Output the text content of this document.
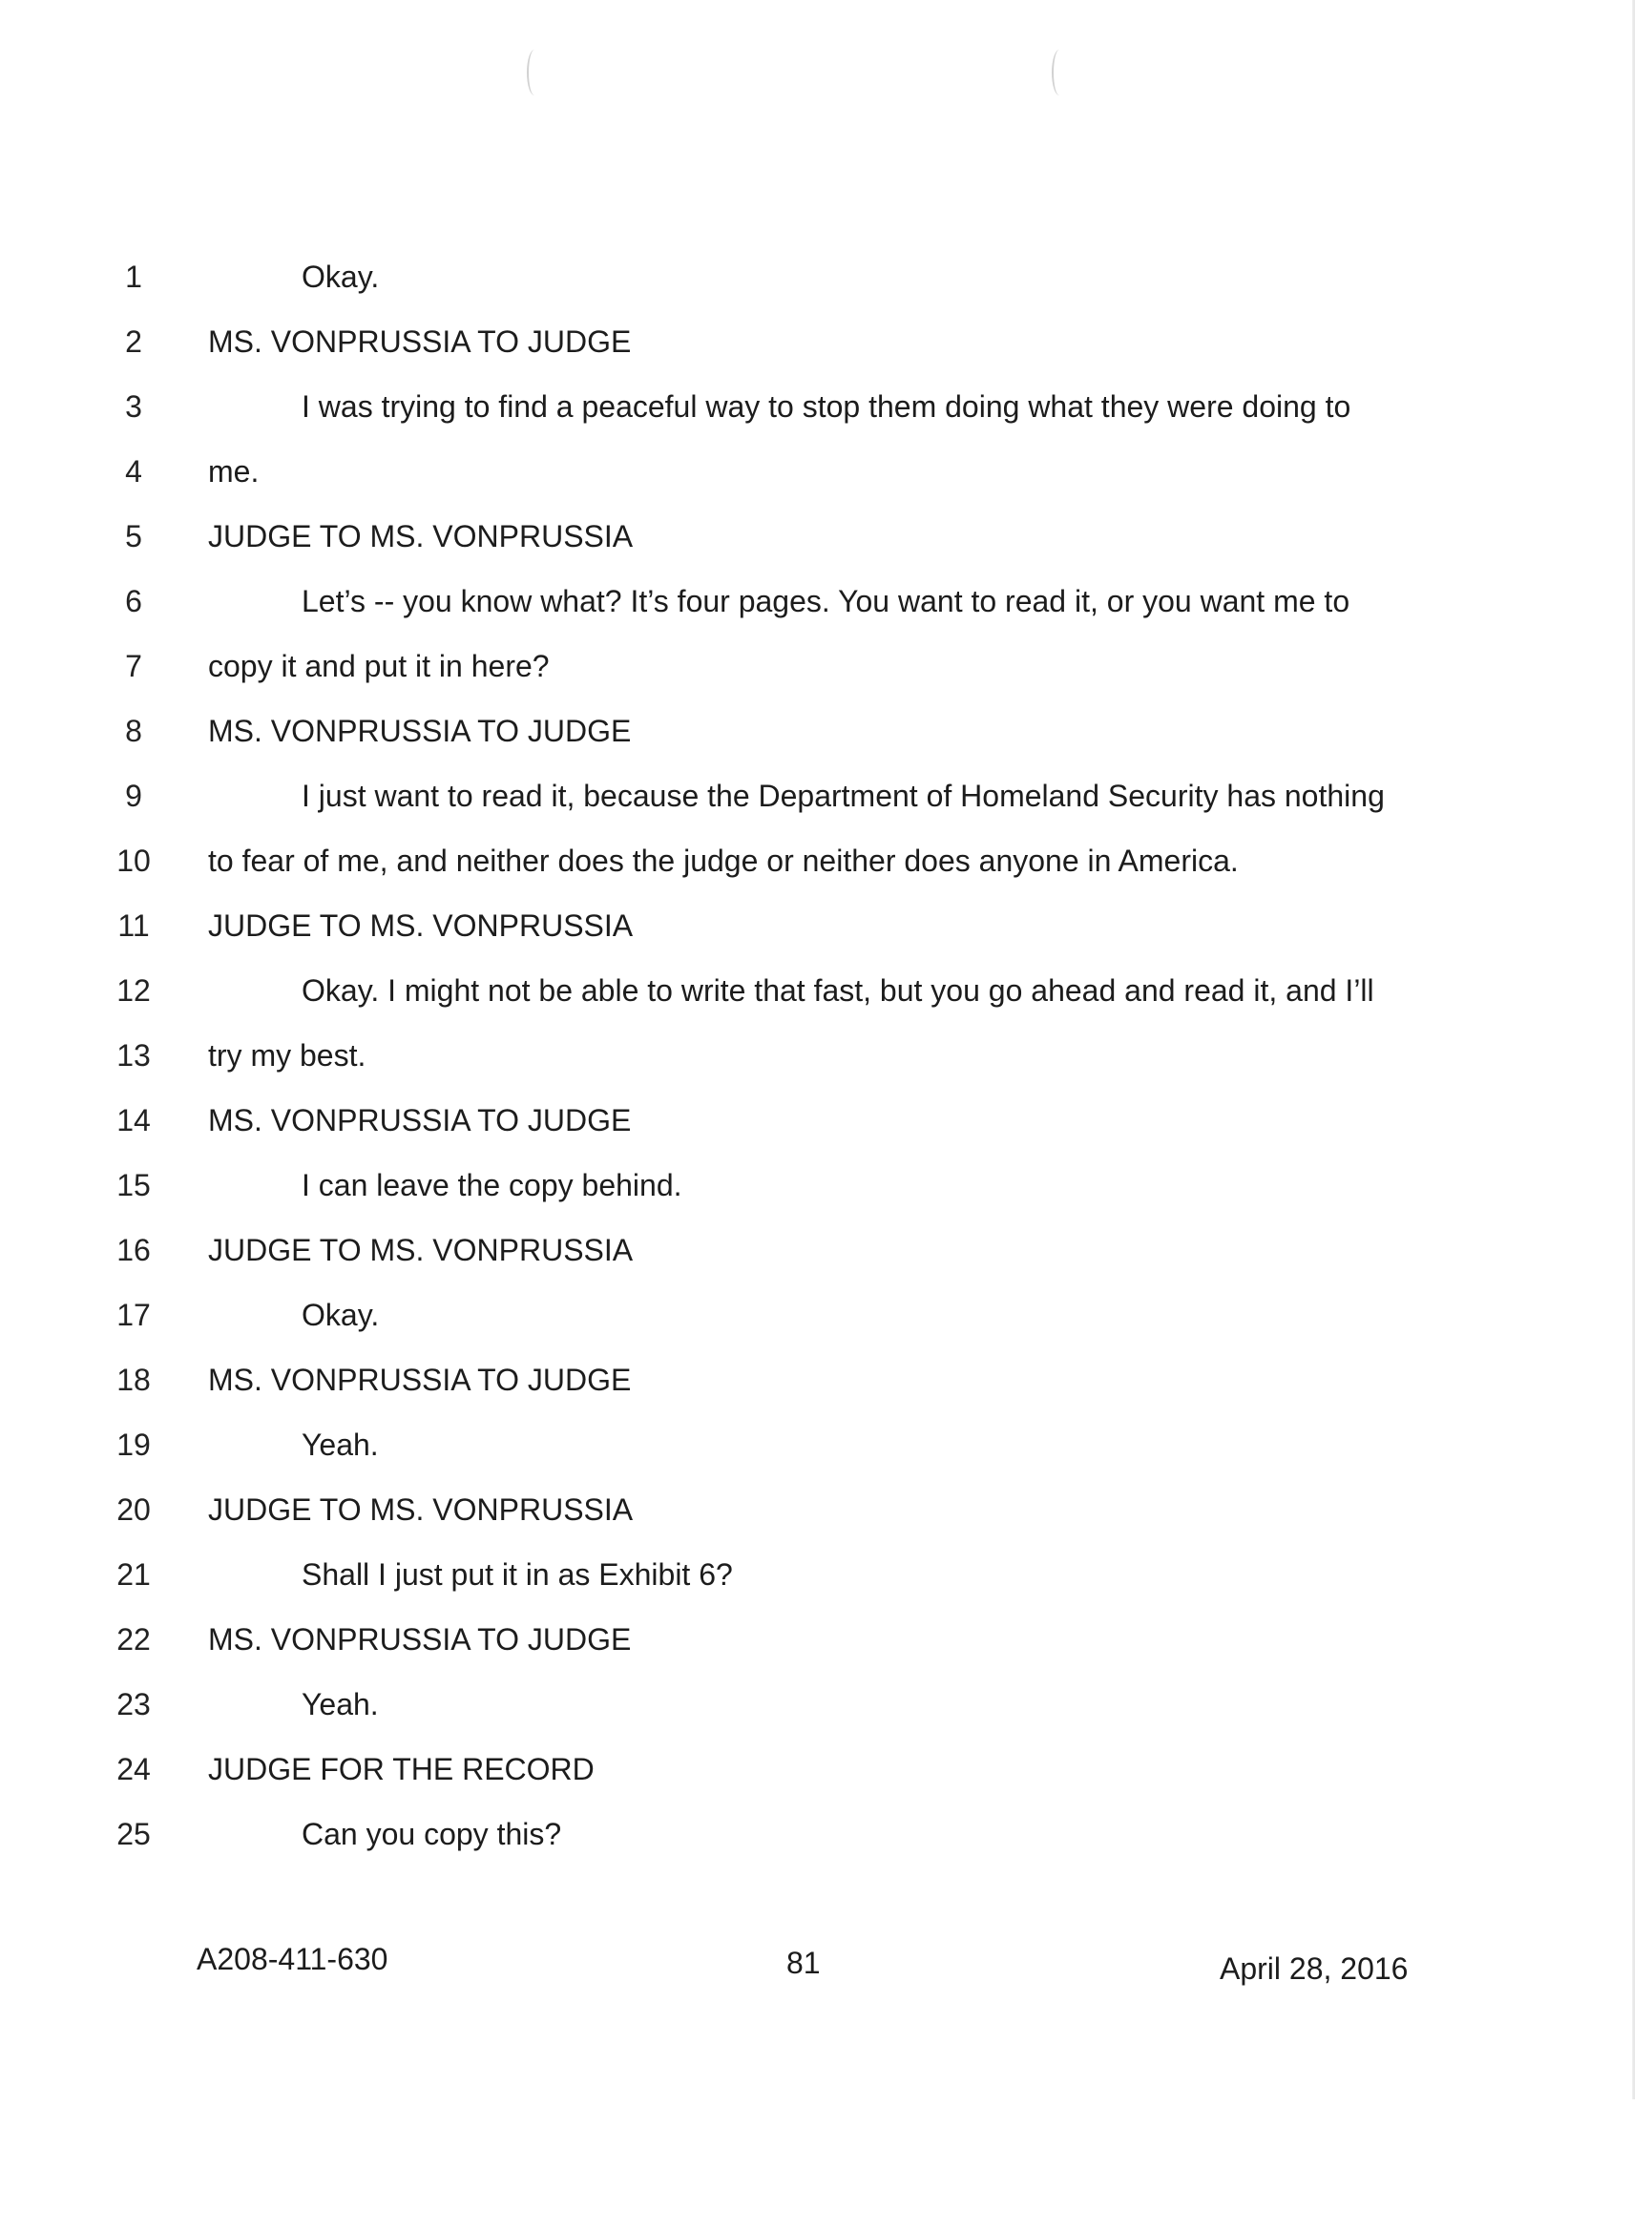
1	Okay.
2	MS. VONPRUSSIA TO JUDGE
3	I was trying to find a peaceful way to stop them doing what they were doing to
4	me.
5	JUDGE TO MS. VONPRUSSIA
6	Let’s -- you know what? It’s four pages. You want to read it, or you want me to
7	copy it and put it in here?
8	MS. VONPRUSSIA TO JUDGE
9	I just want to read it, because the Department of Homeland Security has nothing
10	to fear of me, and neither does the judge or neither does anyone in America.
11	JUDGE TO MS. VONPRUSSIA
12	Okay. I might not be able to write that fast, but you go ahead and read it, and I’ll
13	try my best.
14	MS. VONPRUSSIA TO JUDGE
15	I can leave the copy behind.
16	JUDGE TO MS. VONPRUSSIA
17	Okay.
18	MS. VONPRUSSIA TO JUDGE
19	Yeah.
20	JUDGE TO MS. VONPRUSSIA
21	Shall I just put it in as Exhibit 6?
22	MS. VONPRUSSIA TO JUDGE
23	Yeah.
24	JUDGE FOR THE RECORD
25	Can you copy this?
A208-411-630	81	April 28, 2016
